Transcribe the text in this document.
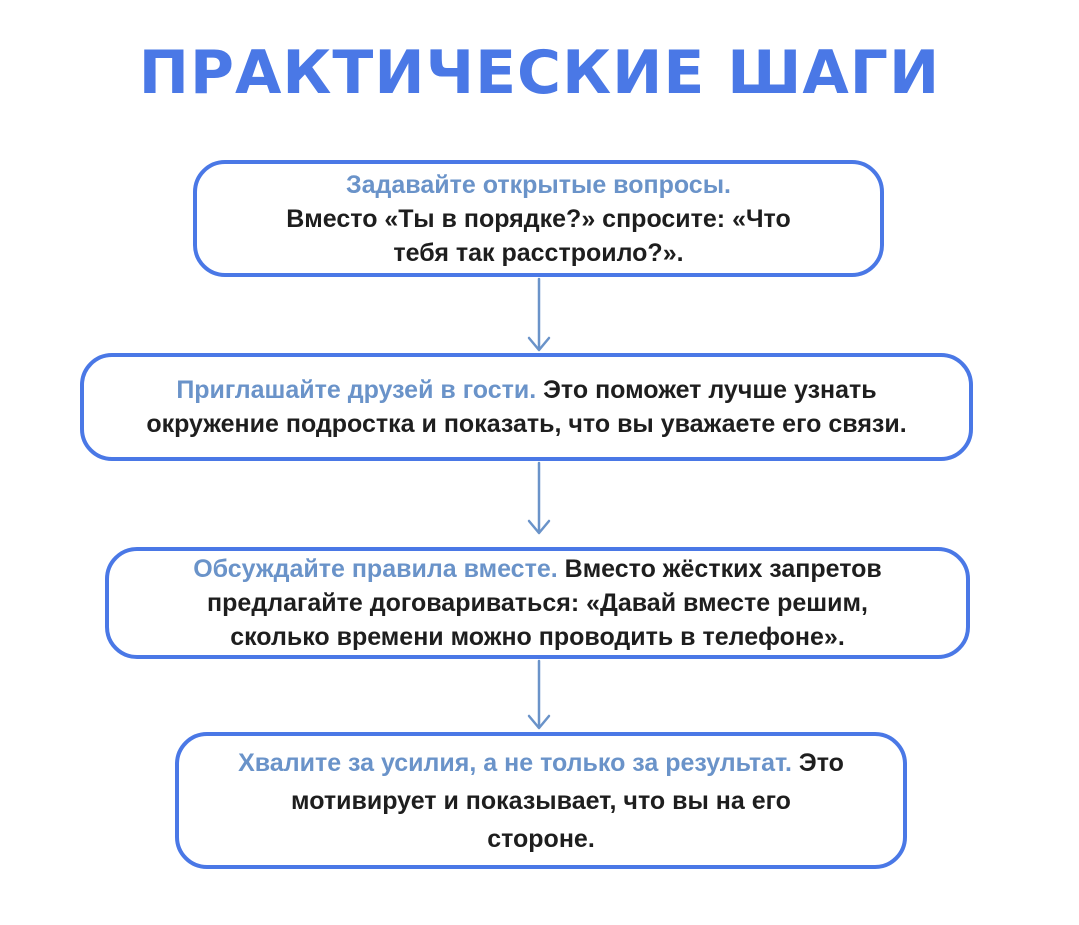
ПРАКТИЧЕСКИЕ ШАГИ

Задавайте открытые вопросы.

Вместо «Ты в порядке?» спросите: «Что

тебя так расстроило?».

Приглашайте друзей в гости. Это поможет лучше узнать

окружение подростка и показать, что вы уважаете его связи.

Обсуждайте правила вместе. Вместо жёстких запретов

предлагайте договариваться: «Давай вместе решим,

сколько времени можно проводить в телефоне».

Хвалите за усилия, а не только за результат. Это

мотивирует и показывает, что вы на его

стороне.
